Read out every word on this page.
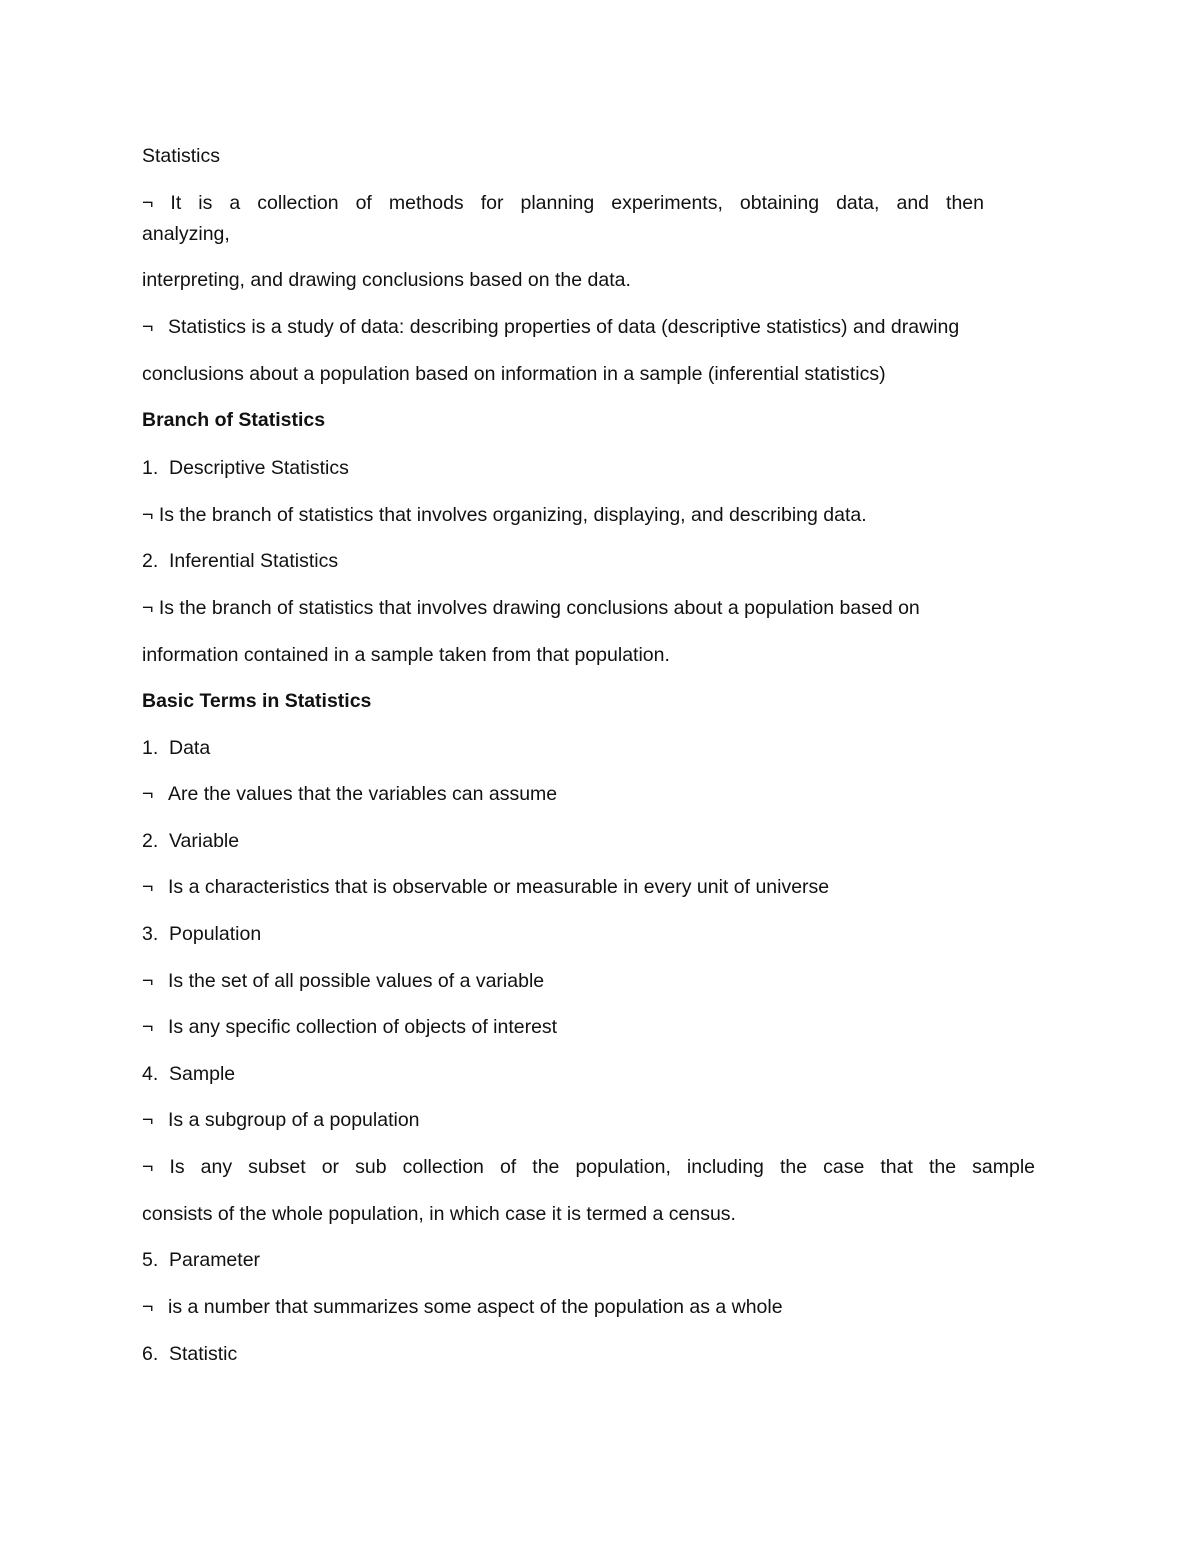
Statistics
¬ It is a collection of methods for planning experiments, obtaining data, and then
analyzing,
interpreting, and drawing conclusions based on the data.
¬ Statistics is a study of data: describing properties of data (descriptive statistics) and drawing
conclusions about a population based on information in a sample (inferential statistics)
Branch of Statistics
1. Descriptive Statistics
¬ Is the branch of statistics that involves organizing, displaying, and describing data.
2. Inferential Statistics
¬ Is the branch of statistics that involves drawing conclusions about a population based on
information contained in a sample taken from that population.
Basic Terms in Statistics
1. Data
¬ Are the values that the variables can assume
2. Variable
¬ Is a characteristics that is observable or measurable in every unit of universe
3. Population
¬ Is the set of all possible values of a variable
¬ Is any specific collection of objects of interest
4. Sample
¬ Is a subgroup of a population
¬ Is any subset or sub collection of the population, including the case that the sample
consists of the whole population, in which case it is termed a census.
5. Parameter
¬ is a number that summarizes some aspect of the population as a whole
6. Statistic
